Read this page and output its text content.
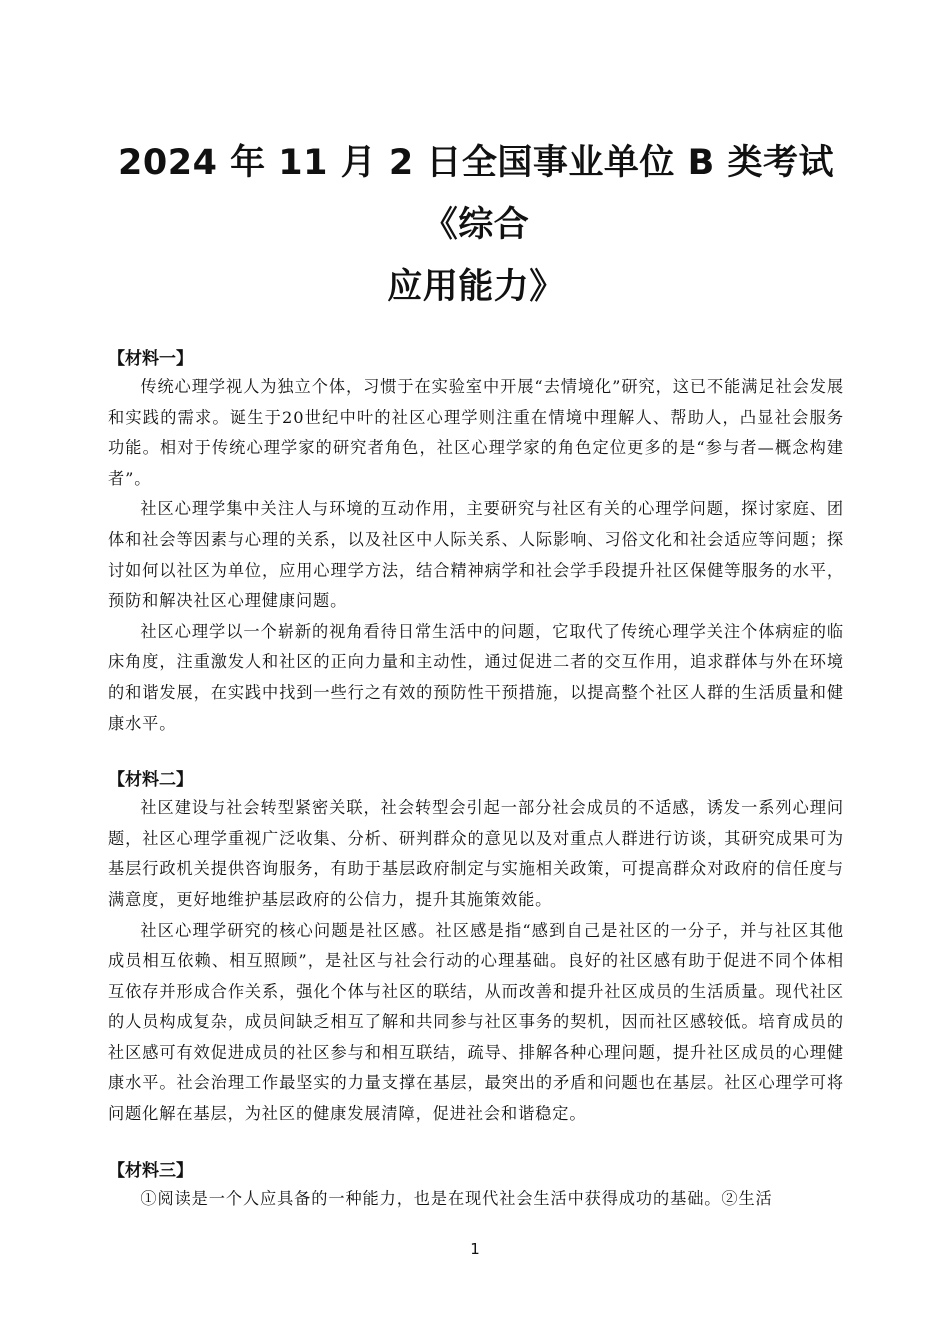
2024 年 11 月 2 日全国事业单位 B 类考试《综合
应用能力》

【材料一】

传统心理学视人为独立个体，习惯于在实验室中开展“去情境化”研究，这已不能满足社会发展和实践的需求。诞生于20世纪中叶的社区心理学则注重在情境中理解人、帮助人，凸显社会服务功能。相对于传统心理学家的研究者角色，社区心理学家的角色定位更多的是“参与者—概念构建者”。

社区心理学集中关注人与环境的互动作用，主要研究与社区有关的心理学问题，探讨家庭、团体和社会等因素与心理的关系，以及社区中人际关系、人际影响、习俗文化和社会适应等问题；探讨如何以社区为单位，应用心理学方法，结合精神病学和社会学手段提升社区保健等服务的水平，预防和解决社区心理健康问题。

社区心理学以一个崭新的视角看待日常生活中的问题，它取代了传统心理学关注个体病症的临床角度，注重激发人和社区的正向力量和主动性，通过促进二者的交互作用，追求群体与外在环境的和谐发展，在实践中找到一些行之有效的预防性干预措施，以提高整个社区人群的生活质量和健康水平。

【材料二】

社区建设与社会转型紧密关联，社会转型会引起一部分社会成员的不适感，诱发一系列心理问题，社区心理学重视广泛收集、分析、研判群众的意见以及对重点人群进行访谈，其研究成果可为基层行政机关提供咨询服务，有助于基层政府制定与实施相关政策，可提高群众对政府的信任度与满意度，更好地维护基层政府的公信力，提升其施策效能。

社区心理学研究的核心问题是社区感。社区感是指“感到自己是社区的一分子，并与社区其他成员相互依赖、相互照顾”，是社区与社会行动的心理基础。良好的社区感有助于促进不同个体相互依存并形成合作关系，强化个体与社区的联结，从而改善和提升社区成员的生活质量。现代社区的人员构成复杂，成员间缺乏相互了解和共同参与社区事务的契机，因而社区感较低。培育成员的社区感可有效促进成员的社区参与和相互联结，疏导、排解各种心理问题，提升社区成员的心理健康水平。社会治理工作最坚实的力量支撑在基层，最突出的矛盾和问题也在基层。社区心理学可将问题化解在基层，为社区的健康发展清障，促进社会和谐稳定。

【材料三】

①阅读是一个人应具备的一种能力，也是在现代社会生活中获得成功的基础。②生活

1
